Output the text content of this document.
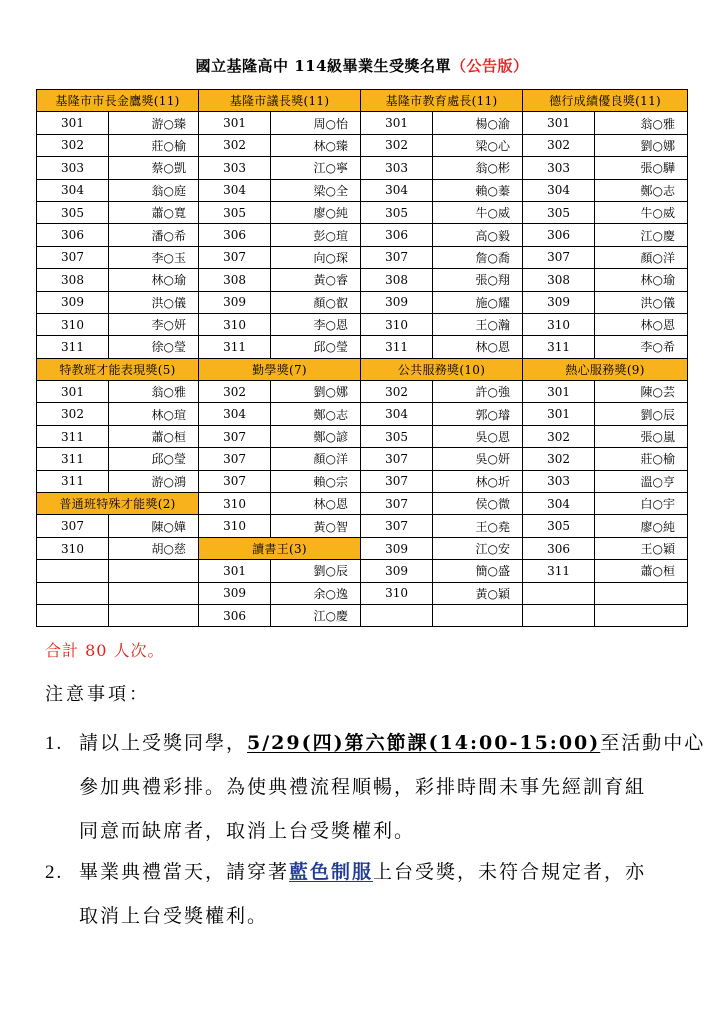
國立基隆高中 114級畢業生受獎名單（公告版）
基隆市市長金鷹獎(11)		基隆市議長獎(11)		基隆市教育處長(11)		德行成績優良獎(11)	
301	游○臻	301	周○怡	301	楊○渝	301	翁○雅
302	莊○榆	302	林○臻	302	梁○心	302	劉○娜
303	蔡○凱	303	江○寧	303	翁○彬	303	張○驊
304	翁○庭	304	梁○全	304	賴○蓁	304	鄭○志
305	蕭○寬	305	廖○純	305	牛○威	305	牛○威
306	潘○希	306	彭○瑄	306	高○毅	306	江○慶
307	李○玉	307	向○琛	307	詹○喬	307	顏○洋
308	林○瑜	308	黃○睿	308	張○翔	308	林○瑜
309	洪○儀	309	顏○叡	309	施○耀	309	洪○儀
310	李○妍	310	李○恩	310	王○瀚	310	林○恩
311	徐○瑩	311	邱○瑩	311	林○恩	311	李○希
特教班才能表現獎(5)		勤學獎(7)		公共服務獎(10)		熱心服務獎(9)	
301	翁○雅	302	劉○娜	302	許○強	301	陳○芸
302	林○瑄	304	鄭○志	304	郭○璿	301	劉○辰
311	蕭○桓	307	鄭○諺	305	吳○恩	302	張○嵐
311	邱○瑩	307	顏○洋	307	吳○妍	302	莊○榆
311	游○鴻	307	賴○宗	307	林○圻	303	溫○亨
普通班特殊才能獎(2)		310	林○恩	307	侯○微	304	白○宇
307	陳○嬅	310	黃○智	307	王○堯	305	廖○純
310	胡○慈	讀書王(3)		309	江○安	306	王○穎
		301	劉○辰	309	簡○盛	311	蕭○桓
		309	余○逸	310	黃○穎		
		306	江○慶				
合計 80 人次。
注意事項：
1. 請以上受獎同學，5/29(四)第六節課(14:00-15:00)至活動中心
參加典禮彩排。為使典禮流程順暢，彩排時間未事先經訓育組
同意而缺席者，取消上台受獎權利。
2. 畢業典禮當天，請穿著藍色制服上台受獎，未符合規定者，亦
取消上台受獎權利。
